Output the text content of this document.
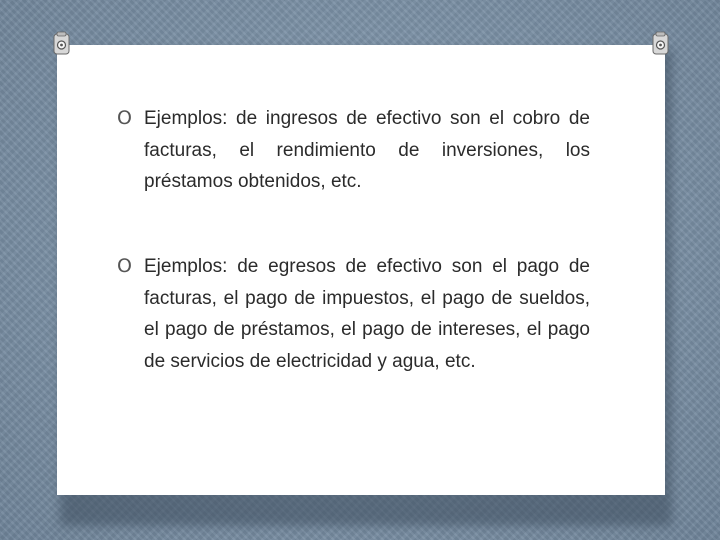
O Ejemplos: de ingresos de efectivo son el cobro de facturas, el rendimiento de inversiones, los préstamos obtenidos, etc.
O Ejemplos: de egresos de efectivo son el pago de facturas, el pago de impuestos, el pago de sueldos, el pago de préstamos, el pago de intereses, el pago de servicios de electricidad y agua, etc.
